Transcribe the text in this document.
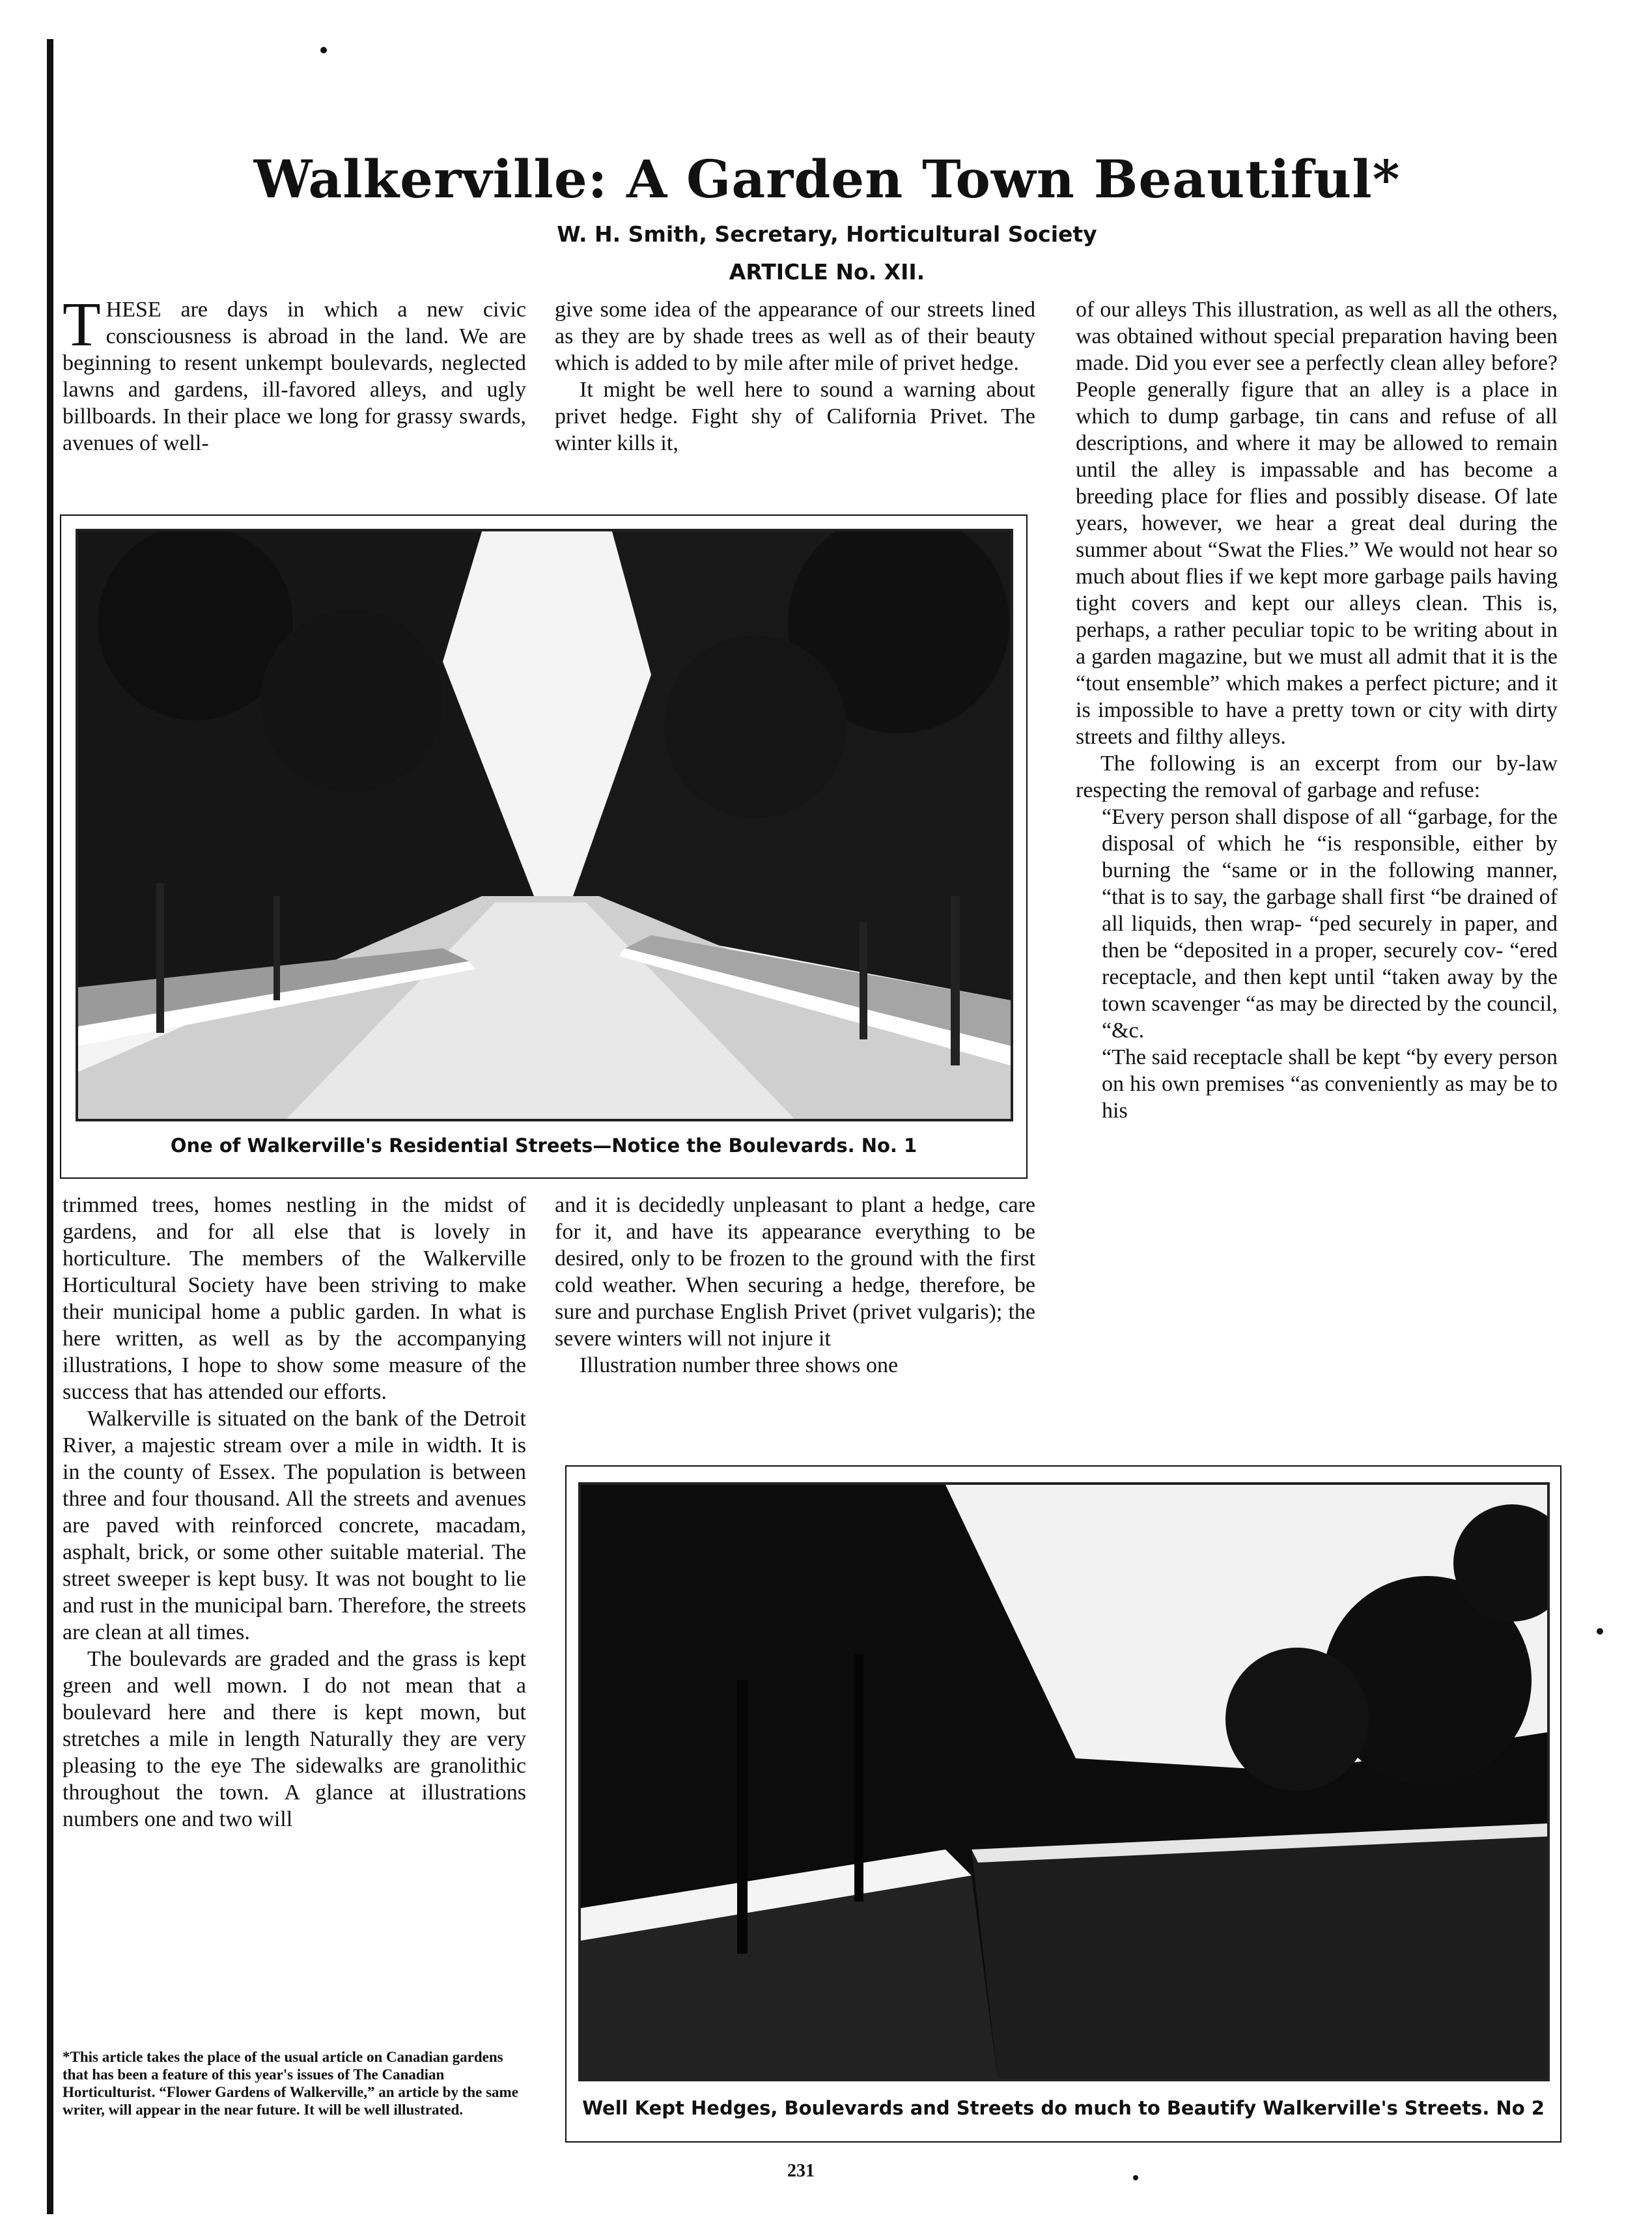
Walkerville: A Garden Town Beautiful*

W. H. Smith, Secretary, Horticultural Society

ARTICLE No. XII.

THESE are days in which a new civic consciousness is abroad in the land. We are beginning to resent unkempt boulevards, neglected lawns and gardens, ill-favored alleys, and ugly billboards. In their place we long for grassy swards, avenues of well-

give some idea of the appearance of our streets lined as they are by shade trees as well as of their beauty which is added to by mile after mile of privet hedge.

It might be well here to sound a warning about privet hedge. Fight shy of California Privet. The winter kills it,

of our alleys This illustration, as well as all the others, was obtained without special preparation having been made. Did you ever see a perfectly clean alley before? People generally figure that an alley is a place in which to dump garbage, tin cans and refuse of all descriptions, and where it may be allowed to remain until the alley is impassable and has become a breeding place for flies and possibly disease. Of late years, however, we hear a great deal during the summer about “Swat the Flies.” We would not hear so much about flies if we kept more garbage pails having tight covers and kept our alleys clean. This is, perhaps, a rather peculiar topic to be writing about in a garden magazine, but we must all admit that it is the “tout ensemble” which makes a perfect picture; and it is impossible to have a pretty town or city with dirty streets and filthy alleys.

The following is an excerpt from our by-law respecting the removal of garbage and refuse:

“Every person shall dispose of all “garbage, for the disposal of which he “is responsible, either by burning the “same or in the following manner, “that is to say, the garbage shall first “be drained of all liquids, then wrap- “ped securely in paper, and then be “deposited in a proper, securely cov- “ered receptacle, and then kept until “taken away by the town scavenger “as may be directed by the council, “&c.

“The said receptacle shall be kept “by every person on his own premises “as conveniently as may be to his

One of Walkerville's Residential Streets—Notice the Boulevards. No. 1

trimmed trees, homes nestling in the midst of gardens, and for all else that is lovely in horticulture. The members of the Walkerville Horticultural Society have been striving to make their municipal home a public garden. In what is here written, as well as by the accompanying illustrations, I hope to show some measure of the success that has attended our efforts.

Walkerville is situated on the bank of the Detroit River, a majestic stream over a mile in width. It is in the county of Essex. The population is between three and four thousand. All the streets and avenues are paved with reinforced concrete, macadam, asphalt, brick, or some other suitable material. The street sweeper is kept busy. It was not bought to lie and rust in the municipal barn. Therefore, the streets are clean at all times.

The boulevards are graded and the grass is kept green and well mown. I do not mean that a boulevard here and there is kept mown, but stretches a mile in length Naturally they are very pleasing to the eye The sidewalks are granolithic throughout the town. A glance at illustrations numbers one and two will

and it is decidedly unpleasant to plant a hedge, care for it, and have its appearance everything to be desired, only to be frozen to the ground with the first cold weather. When securing a hedge, therefore, be sure and purchase English Privet (privet vulgaris); the severe winters will not injure it

Illustration number three shows one

Well Kept Hedges, Boulevards and Streets do much to Beautify Walkerville's Streets. No 2

*This article takes the place of the usual article on Canadian gardens that has been a feature of this year's issues of The Canadian Horticulturist. “Flower Gardens of Walkerville,” an article by the same writer, will appear in the near future. It will be well illustrated.

231
